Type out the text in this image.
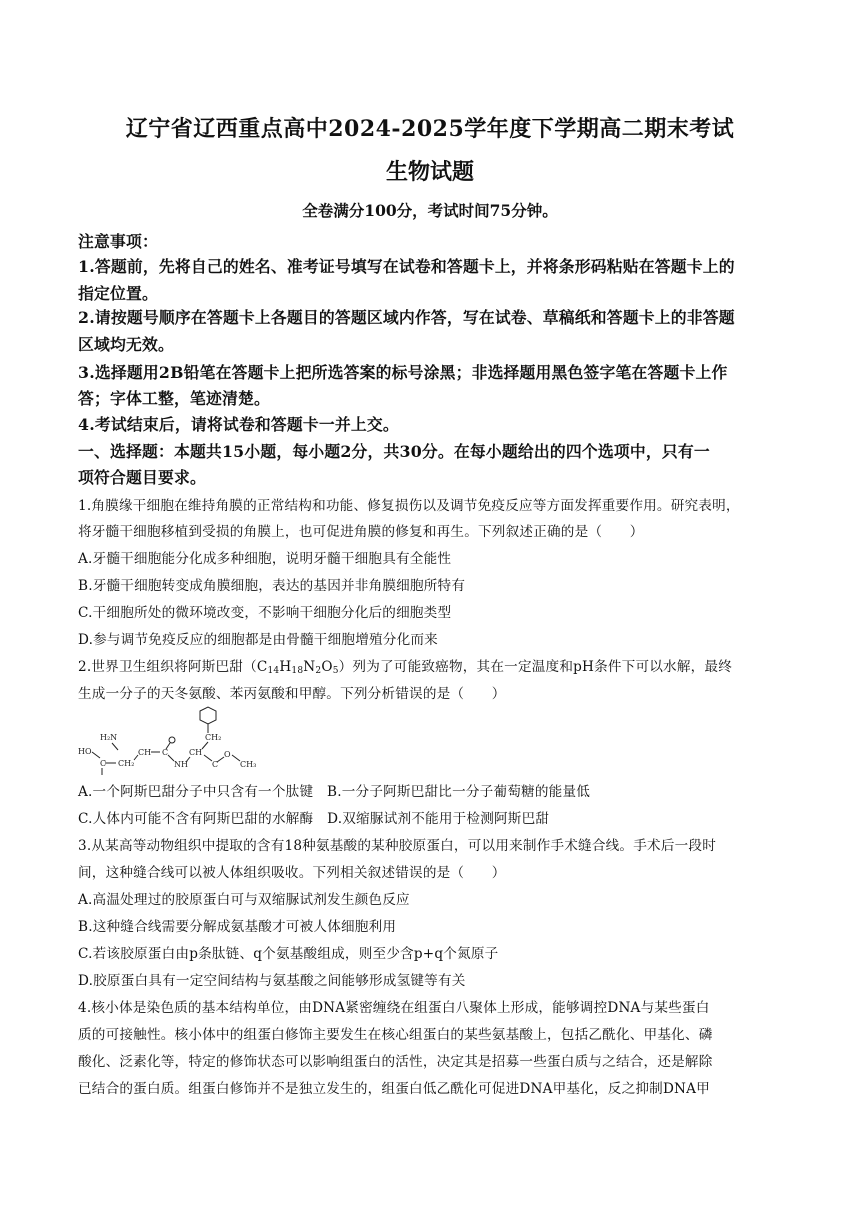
辽宁省辽西重点高中2024-2025学年度下学期高二期末考试
生物试题
全卷满分100分，考试时间75分钟。
注意事项：
1.答题前，先将自己的姓名、准考证号填写在试卷和答题卡上，并将条形码粘贴在答题卡上的
指定位置。
2.请按题号顺序在答题卡上各题目的答题区域内作答，写在试卷、草稿纸和答题卡上的非答题
区域均无效。
3.选择题用2B铅笔在答题卡上把所选答案的标号涂黑；非选择题用黑色签字笔在答题卡上作
答；字体工整，笔迹清楚。
4.考试结束后，请将试卷和答题卡一并上交。
一、选择题：本题共15小题，每小题2分，共30分。在每小题给出的四个选项中，只有一
项符合题目要求。
1.角膜缘干细胞在维持角膜的正常结构和功能、修复损伤以及调节免疫反应等方面发挥重要作用。研究表明，
将牙髓干细胞移植到受损的角膜上，也可促进角膜的修复和再生。下列叙述正确的是（　　）
A.牙髓干细胞能分化成多种细胞，说明牙髓干细胞具有全能性
B.牙髓干细胞转变成角膜细胞，表达的基因并非角膜细胞所特有
C.干细胞所处的微环境改变，不影响干细胞分化后的细胞类型
D.参与调节免疫反应的细胞都是由骨髓干细胞增殖分化而来
2.世界卫生组织将阿斯巴甜$(C_{14}H_{18}N_2O_5)$列为了可能致癌物，其在一定温度和pH条件下可以水解，最终
生成一分子的天冬氨酸、苯丙氨酸和甲醇。下列分析错误的是（　　）
CH₂
CH
H₂N
HO
C CH₂
CH C
NH	C
O
CH₃
A.一个阿斯巴甜分子中只含有一个肽键　B.一分子阿斯巴甜比一分子葡萄糖的能量低
C.人体内可能不含有阿斯巴甜的水解酶　D.双缩脲试剂不能用于检测阿斯巴甜
3.从某高等动物组织中提取的含有18种氨基酸的某种胶原蛋白，可以用来制作手术缝合线。手术后一段时
间，这种缝合线可以被人体组织吸收。下列相关叙述错误的是（　　）
A.高温处理过的胶原蛋白可与双缩脲试剂发生颜色反应
B.这种缝合线需要分解成氨基酸才可被人体细胞利用
C.若该胶原蛋白由p条肽链、q个氨基酸组成，则至少含p+q个氮原子
D.胶原蛋白具有一定空间结构与氨基酸之间能够形成氢键等有关
4.核小体是染色质的基本结构单位，由DNA紧密缠绕在组蛋白八聚体上形成，能够调控DNA与某些蛋白
质的可接触性。核小体中的组蛋白修饰主要发生在核心组蛋白的某些氨基酸上，包括乙酰化、甲基化、磷
酸化、泛素化等，特定的修饰状态可以影响组蛋白的活性，决定其是招募一些蛋白质与之结合，还是解除
已结合的蛋白质。组蛋白修饰并不是独立发生的，组蛋白低乙酰化可促进DNA甲基化，反之抑制DNA甲
